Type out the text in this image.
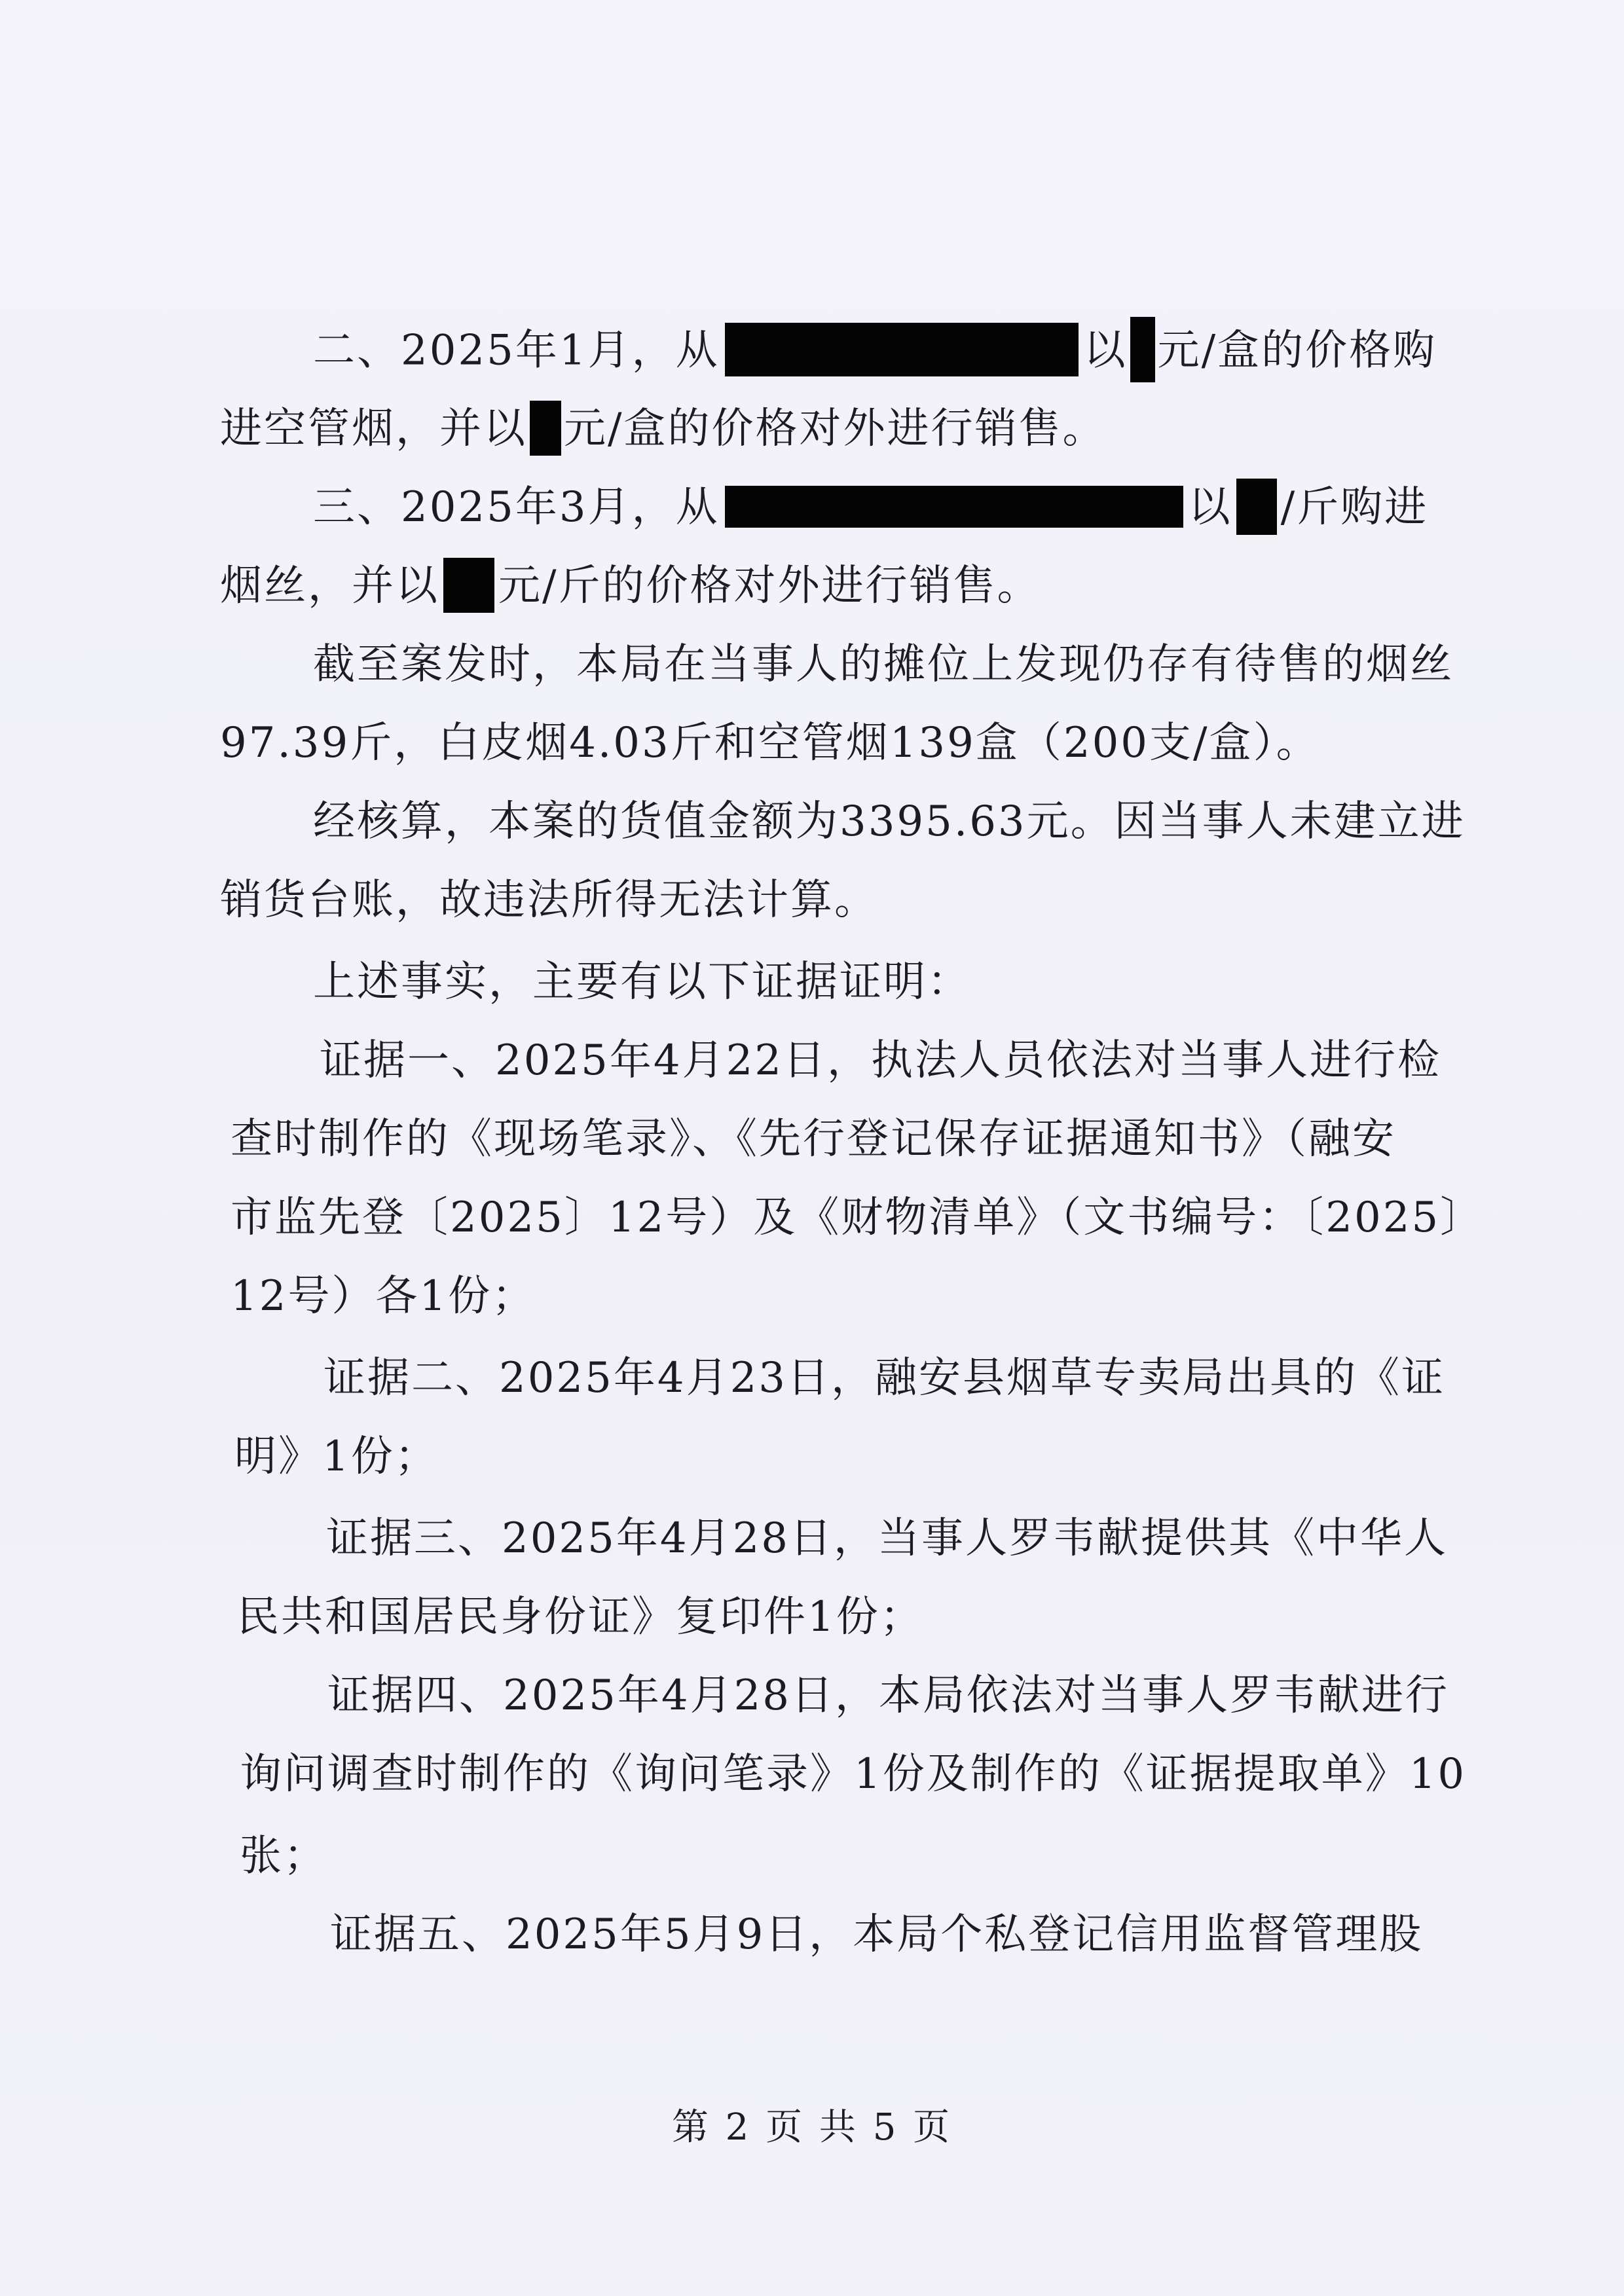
二、2025年1月，从	以 元/盒的价格购
进空管烟，并以 元/盒的价格对外进行销售。
三、2025年3月，从	以 /斤购进
烟丝，并以 元/斤的价格对外进行销售。
截至案发时，本局在当事人的摊位上发现仍存有待售的烟丝
97.39斤，白皮烟4.03斤和空管烟139盒（200支/盒）。
经核算，本案的货值金额为3395.63元。因当事人未建立进
销货台账，故违法所得无法计算。
上述事实，主要有以下证据证明：
证据一、2025年4月22日，执法人员依法对当事人进行检
查时制作的《现场笔录》、《先行登记保存证据通知书》（融安
市监先登〔2025〕12号）及《财物清单》（文书编号：〔2025〕
12号）各1份；
证据二、2025年4月23日，融安县烟草专卖局出具的《证
明》1份；
证据三、2025年4月28日，当事人罗韦献提供其《中华人
民共和国居民身份证》复印件1份；
证据四、2025年4月28日，本局依法对当事人罗韦献进行
询问调查时制作的《询问笔录》1份及制作的《证据提取单》10
张；
证据五、2025年5月9日，本局个私登记信用监督管理股
第 2 页 共 5 页
